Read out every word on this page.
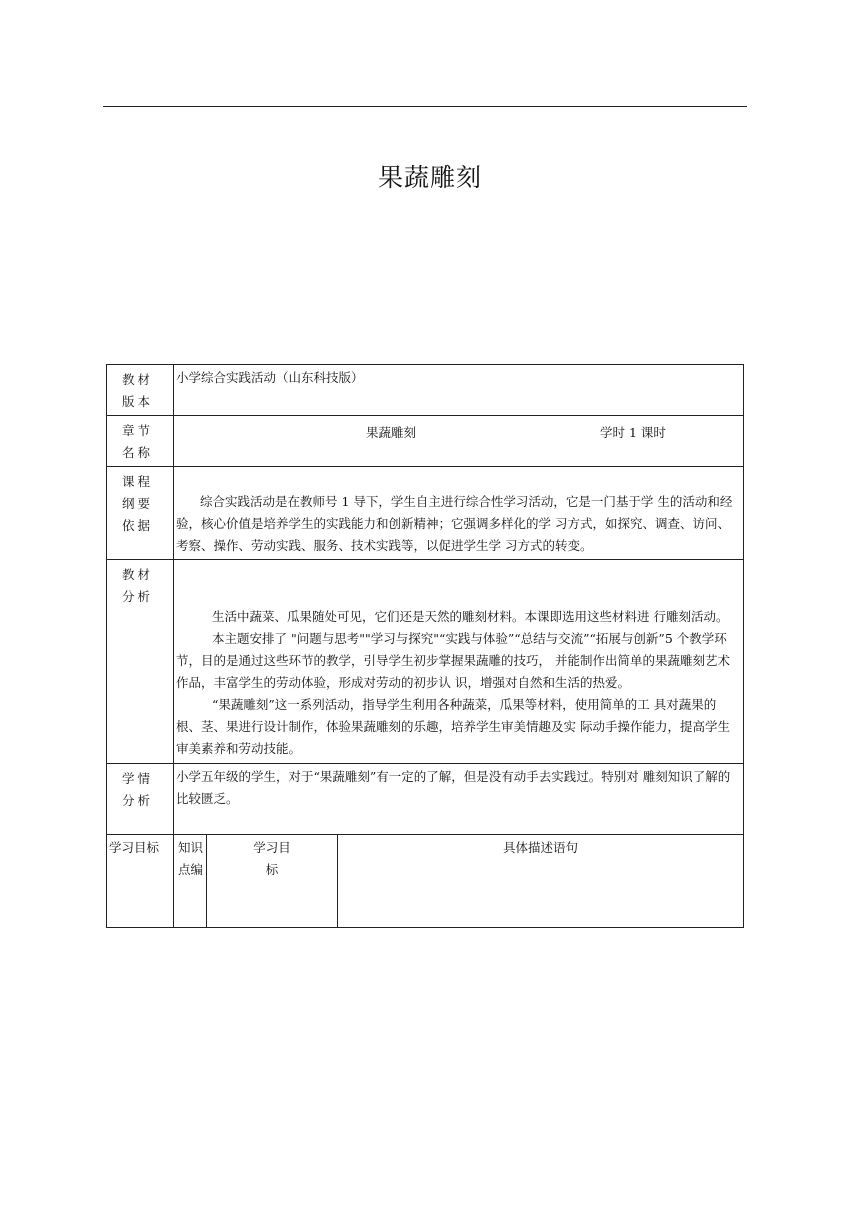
果蔬雕刻
教材 版本	小学综合实践活动（山东科技版）		

章节 名称	果蔬雕刻 学时 1 课时		

课程 纲要 依据	综合实践活动是在教师号 1 导下，学生自主进行综合性学习活动，它是一门基于学 生的活动和经验，核心价值是培养学生的实践能力和创新精神；它强调多样化的学 习方式，如探究、调查、访问、考察、操作、劳动实践、服务、技术实践等，以促进学生学 习方式的转变。		

教材 分析	生活中蔬菜、瓜果随处可见，它们还是天然的雕刻材料。本课即选用这些材料进 行雕刻活动。

本主题安排了 "问题与思考""学习与探究"“实践与体验”“总结与交流”“拓展与创新”5 个教学环节，目的是通过这些环节的教学，引导学生初步掌握果蔬雕的技巧， 并能制作出简单的果蔬雕刻艺术作品，丰富学生的劳动体验，形成对劳动的初步认 识，增强对自然和生活的热爱。

“果蔬雕刻”这一系列活动，指导学生利用各种蔬菜，瓜果等材料，使用简单的工 具对蔬果的根、茎、果进行设计制作，体验果蔬雕刻的乐趣，培养学生审美情趣及实 际动手操作能力，提高学生审美素养和劳动技能。		

学情 分析	小学五年级的学生，对于“果蔬雕刻”有一定的了解，但是没有动手去实践过。特别对 雕刻知识了解的比较匮乏。		
学习目标	知识点编	学习目标	具体描述语句
